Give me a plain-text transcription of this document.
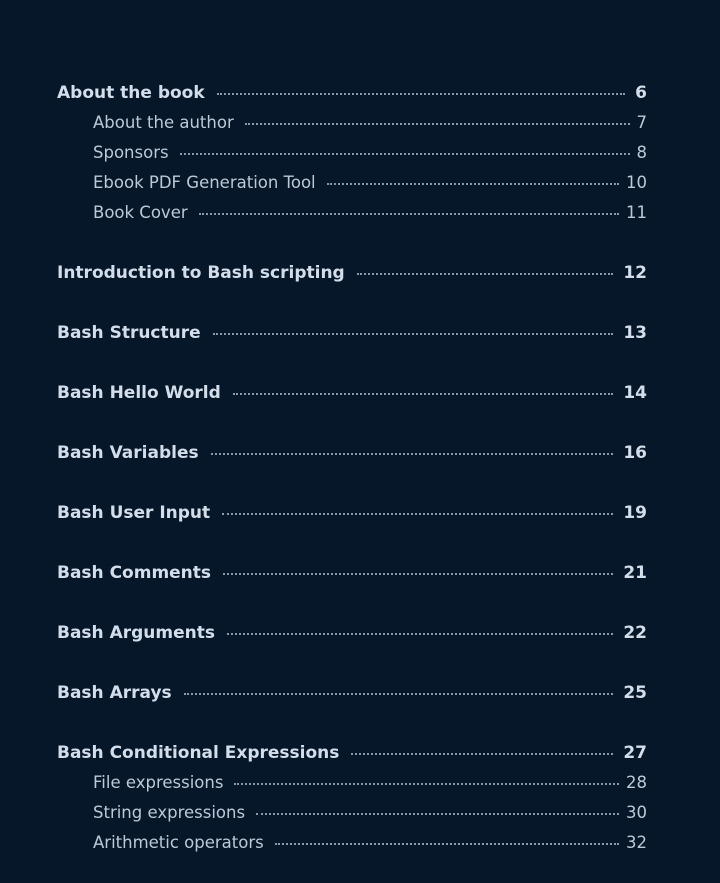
About the book	6
About the author	7
Sponsors	8
Ebook PDF Generation Tool	10
Book Cover	11
Introduction to Bash scripting	12
Bash Structure	13
Bash Hello World	14
Bash Variables	16
Bash User Input	19
Bash Comments	21
Bash Arguments	22
Bash Arrays	25
Bash Conditional Expressions	27
File expressions	28
String expressions	30
Arithmetic operators	32
